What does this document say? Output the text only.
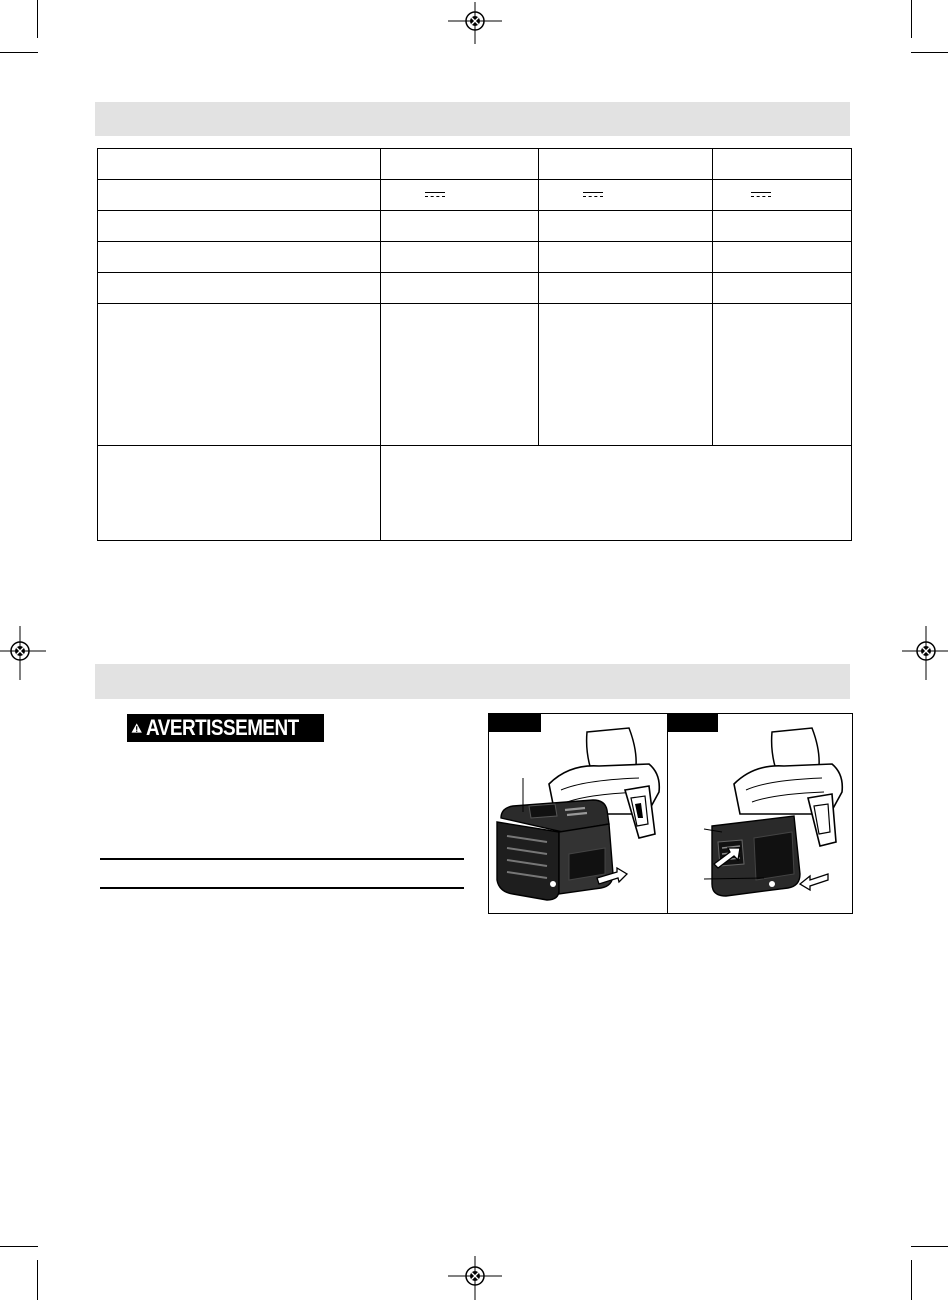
AVERTISSEMENT
